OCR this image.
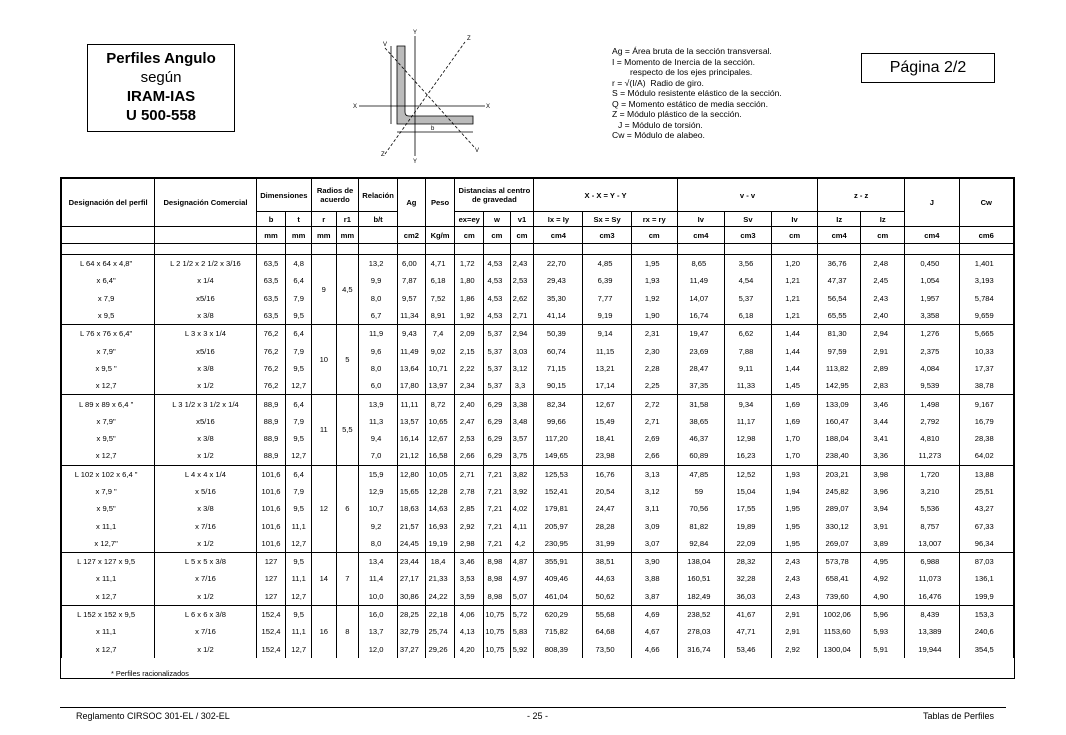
Perfiles Angulo
según
IRAM-IAS
U 500-558	X	X
Y
Y
Z
Z
V
V
b
Ag = Área bruta de la sección transversal.
I = Momento de Inercia de la sección.
respecto de los ejes principales.
r = √(I/A) Radio de giro.
S = Módulo resistente elástico de la sección.
Q = Momento estático de media sección.
Z = Módulo plástico de la sección.
J = Módulo de torsión.
Cw = Módulo de alabeo.
Página 2/2
Designación del perfil	Designación Comercial	Dimensiones		Radios de acuerdo		Relación	Ag	Peso	Distancias al centro de gravedad			X - X = Y - Y			v - v			z - z		J	Cw
		b	t	r	r1	b/t			ex=ey	w	v1	Ix = Iy	Sx = Sy	rx = ry	Iv	Sv	Iv	Iz	Iz		
		mm	mm	mm	mm		cm2	Kg/m	cm	cm	cm	cm4	cm3	cm	cm4	cm3	cm	cm4	cm	cm4	cm6

L 64 x 64 x 4,8"	L 2 1/2 x 2 1/2 x 3/16	63,5	4,8	9	4,5	13,2	6,00	4,71	1,72	4,53	2,43	22,70	4,85	1,95	8,65	3,56	1,20	36,76	2,48	0,450	1,401
x 6,4"	x 1/4	63,5	6,4			9,9	7,87	6,18	1,80	4,53	2,53	29,43	6,39	1,93	11,49	4,54	1,21	47,37	2,45	1,054	3,193
x 7,9	x5/16	63,5	7,9			8,0	9,57	7,52	1,86	4,53	2,62	35,30	7,77	1,92	14,07	5,37	1,21	56,54	2,43	1,957	5,784
x 9,5	x 3/8	63,5	9,5			6,7	11,34	8,91	1,92	4,53	2,71	41,14	9,19	1,90	16,74	6,18	1,21	65,55	2,40	3,358	9,659
L 76 x 76 x 6,4"	L 3 x 3 x 1/4	76,2	6,4	10	5	11,9	9,43	7,4	2,09	5,37	2,94	50,39	9,14	2,31	19,47	6,62	1,44	81,30	2,94	1,276	5,665
x 7,9"	x5/16	76,2	7,9			9,6	11,49	9,02	2,15	5,37	3,03	60,74	11,15	2,30	23,69	7,88	1,44	97,59	2,91	2,375	10,33
x 9,5 "	x 3/8	76,2	9,5			8,0	13,64	10,71	2,22	5,37	3,12	71,15	13,21	2,28	28,47	9,11	1,44	113,82	2,89	4,084	17,37
x 12,7	x 1/2	76,2	12,7			6,0	17,80	13,97	2,34	5,37	3,3	90,15	17,14	2,25	37,35	11,33	1,45	142,95	2,83	9,539	38,78
L 89 x 89 x 6,4 "	L 3 1/2 x 3 1/2 x 1/4	88,9	6,4	11	5,5	13,9	11,11	8,72	2,40	6,29	3,38	82,34	12,67	2,72	31,58	9,34	1,69	133,09	3,46	1,498	9,167
x 7,9"	x5/16	88,9	7,9			11,3	13,57	10,65	2,47	6,29	3,48	99,66	15,49	2,71	38,65	11,17	1,69	160,47	3,44	2,792	16,79
x 9,5"	x 3/8	88,9	9,5			9,4	16,14	12,67	2,53	6,29	3,57	117,20	18,41	2,69	46,37	12,98	1,70	188,04	3,41	4,810	28,38
x 12,7	x 1/2	88,9	12,7			7,0	21,12	16,58	2,66	6,29	3,75	149,65	23,98	2,66	60,89	16,23	1,70	238,40	3,36	11,273	64,02
L 102 x 102 x 6,4 "	L 4 x 4 x 1/4	101,6	6,4	12	6	15,9	12,80	10,05	2,71	7,21	3,82	125,53	16,76	3,13	47,85	12,52	1,93	203,21	3,98	1,720	13,88
x 7,9 "	x 5/16	101,6	7,9			12,9	15,65	12,28	2,78	7,21	3,92	152,41	20,54	3,12	59	15,04	1,94	245,82	3,96	3,210	25,51
x 9,5"	x 3/8	101,6	9,5			10,7	18,63	14,63	2,85	7,21	4,02	179,81	24,47	3,11	70,56	17,55	1,95	289,07	3,94	5,536	43,27
x 11,1	x 7/16	101,6	11,1			9,2	21,57	16,93	2,92	7,21	4,11	205,97	28,28	3,09	81,82	19,89	1,95	330,12	3,91	8,757	67,33
x 12,7"	x 1/2	101,6	12,7			8,0	24,45	19,19	2,98	7,21	4,2	230,95	31,99	3,07	92,84	22,09	1,95	269,07	3,89	13,007	96,34
L 127 x 127 x 9,5	L 5 x 5 x 3/8	127	9,5	14	7	13,4	23,44	18,4	3,46	8,98	4,87	355,91	38,51	3,90	138,04	28,32	2,43	573,78	4,95	6,988	87,03
x 11,1	x 7/16	127	11,1			11,4	27,17	21,33	3,53	8,98	4,97	409,46	44,63	3,88	160,51	32,28	2,43	658,41	4,92	11,073	136,1
x 12,7	x 1/2	127	12,7			10,0	30,86	24,22	3,59	8,98	5,07	461,04	50,62	3,87	182,49	36,03	2,43	739,60	4,90	16,476	199,9
L 152 x 152 x 9,5	L 6 x 6 x 3/8	152,4	9,5	16	8	16,0	28,25	22,18	4,06	10,75	5,72	620,29	55,68	4,69	238,52	41,67	2,91	1002,06	5,96	8,439	153,3
x 11,1	x 7/16	152,4	11,1			13,7	32,79	25,74	4,13	10,75	5,83	715,82	64,68	4,67	278,03	47,71	2,91	1153,60	5,93	13,389	240,6
x 12,7	x 1/2	152,4	12,7			12,0	37,27	29,26	4,20	10,75	5,92	808,39	73,50	4,66	316,74	53,46	2,92	1300,04	5,91	19,944	354,5
* Perfiles racionalizados
Reglamento CIRSOC 301-EL / 302-EL	- 25 -	Tablas de Perfiles
